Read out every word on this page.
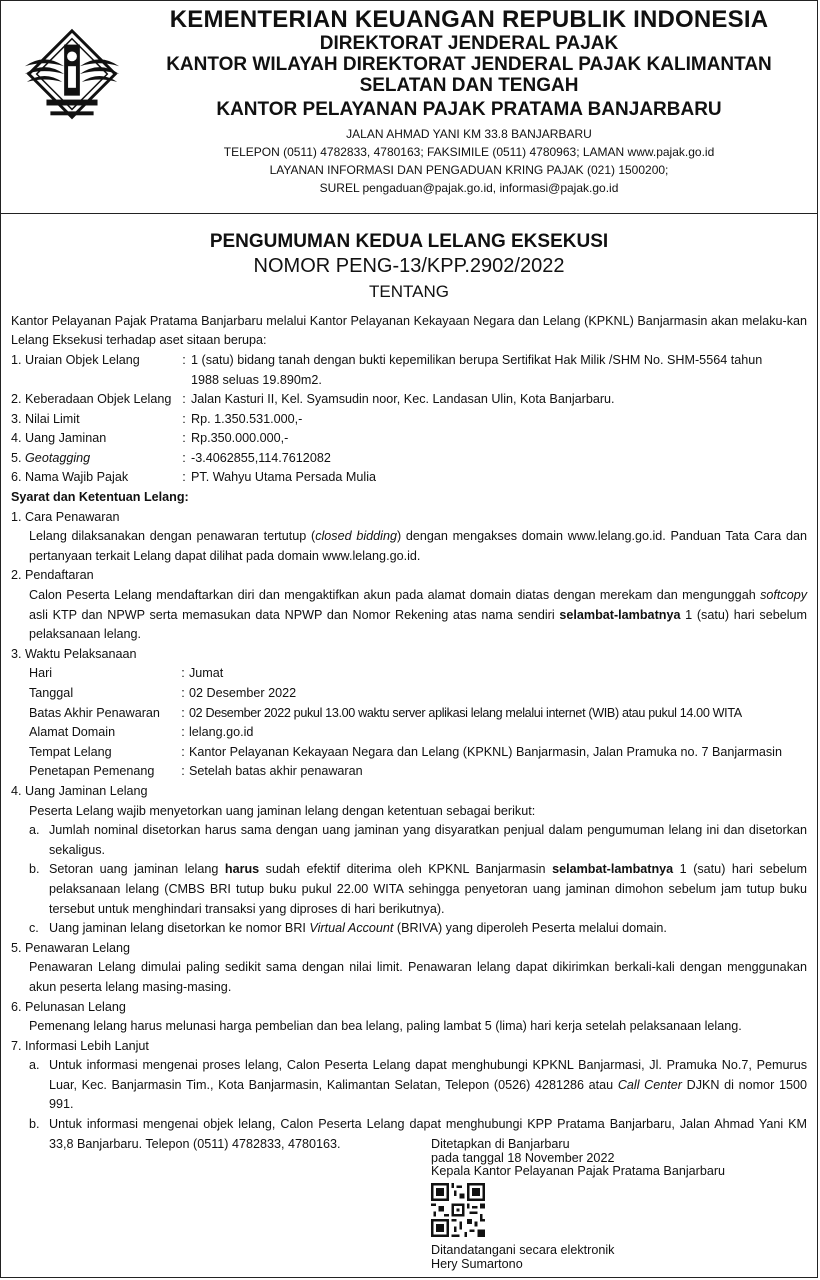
KEMENTERIAN KEUANGAN REPUBLIK INDONESIA

DIREKTORAT JENDERAL PAJAK

KANTOR WILAYAH DIREKTORAT JENDERAL PAJAK KALIMANTAN

SELATAN DAN TENGAH

KANTOR PELAYANAN PAJAK PRATAMA BANJARBARU

JALAN AHMAD YANI KM 33.8 BANJARBARU
TELEPON (0511) 4782833, 4780163; FAKSIMILE (0511) 4780963; LAMAN www.pajak.go.id
LAYANAN INFORMASI DAN PENGADUAN KRING PAJAK (021) 1500200;
SUREL pengaduan@pajak.go.id, informasi@pajak.go.id
PENGUMUMAN KEDUA LELANG EKSEKUSI
NOMOR PENG-13/KPP.2902/2022
TENTANG

Kantor Pelayanan Pajak Pratama Banjarbaru melalui Kantor Pelayanan Kekayaan Negara dan Lelang (KPKNL) Banjarmasin akan melaku-kan Lelang Eksekusi terhadap aset sitaan berupa:

1. Uraian Objek Lelang	: 1 (satu) bidang tanah dengan bukti kepemilikan berupa Sertifikat Hak Milik /SHM No. SHM-5564 tahun
1988 seluas 19.890m2.
2. Keberadaan Objek Lelang : Jalan Kasturi II, Kel. Syamsudin noor, Kec. Landasan Ulin, Kota Banjarbaru.
3. Nilai Limit	: Rp. 1.350.531.000,-
4. Uang Jaminan	: Rp.350.000.000,-
5. Geotagging	: -3.4062855,114.7612082
6. Nama Wajib Pajak	: PT. Wahyu Utama Persada Mulia
Syarat dan Ketentuan Lelang:
1. Cara Penawaran

Lelang dilaksanakan dengan penawaran tertutup (closed bidding) dengan mengakses domain www.lelang.go.id. Panduan Tata Cara dan pertanyaan terkait Lelang dapat dilihat pada domain www.lelang.go.id.

2. Pendaftaran

Calon Peserta Lelang mendaftarkan diri dan mengaktifkan akun pada alamat domain diatas dengan merekam dan mengunggah softcopy asli KTP dan NPWP serta memasukan data NPWP dan Nomor Rekening atas nama sendiri selambat-lambatnya 1 (satu) hari sebelum pelaksanaan lelang.

3. Waktu Pelaksanaan
Hari	: Jumat
Tanggal	: 02 Desember 2022
Batas Akhir Penawaran	: 02 Desember 2022 pukul 13.00 waktu server aplikasi lelang melalui internet (WIB) atau pukul 14.00 WITA
Alamat Domain	: lelang.go.id
Tempat Lelang	: Kantor Pelayanan Kekayaan Negara dan Lelang (KPKNL) Banjarmasin, Jalan Pramuka no. 7 Banjarmasin
Penetapan Pemenang	: Setelah batas akhir penawaran
4. Uang Jaminan Lelang
Peserta Lelang wajib menyetorkan uang jaminan lelang dengan ketentuan sebagai berikut:
a. Jumlah nominal disetorkan harus sama dengan uang jaminan yang disyaratkan penjual dalam pengumuman lelang ini dan disetorkan sekaligus.
b. Setoran uang jaminan lelang harus sudah efektif diterima oleh KPKNL Banjarmasin selambat-lambatnya 1 (satu) hari sebelum pelaksanaan lelang (CMBS BRI tutup buku pukul 22.00 WITA sehingga penyetoran uang jaminan dimohon sebelum jam tutup buku tersebut untuk menghindari transaksi yang diproses di hari berikutnya).
c. Uang jaminan lelang disetorkan ke nomor BRI Virtual Account (BRIVA) yang diperoleh Peserta melalui domain.
5. Penawaran Lelang

Penawaran Lelang dimulai paling sedikit sama dengan nilai limit. Penawaran lelang dapat dikirimkan berkali-kali dengan menggunakan akun peserta lelang masing-masing.

6. Pelunasan Lelang

Pemenang lelang harus melunasi harga pembelian dan bea lelang, paling lambat 5 (lima) hari kerja setelah pelaksanaan lelang.

7. Informasi Lebih Lanjut
a. Untuk informasi mengenai proses lelang, Calon Peserta Lelang dapat menghubungi KPKNL Banjarmasi, Jl. Pramuka No.7, Pemurus Luar, Kec. Banjarmasin Tim., Kota Banjarmasin, Kalimantan Selatan, Telepon (0526) 4281286 atau Call Center DJKN di nomor 1500 991.
b. Untuk informasi mengenai objek lelang, Calon Peserta Lelang dapat menghubungi KPP Pratama Banjarbaru, Jalan Ahmad Yani KM 33,8 Banjarbaru. Telepon (0511) 4782833, 4780163.	Ditetapkan di Banjarbaru
pada tanggal 18 November 2022
Kepala Kantor Pelayanan Pajak Pratama Banjarbaru
Ditandatangani secara elektronik
Hery Sumartono
